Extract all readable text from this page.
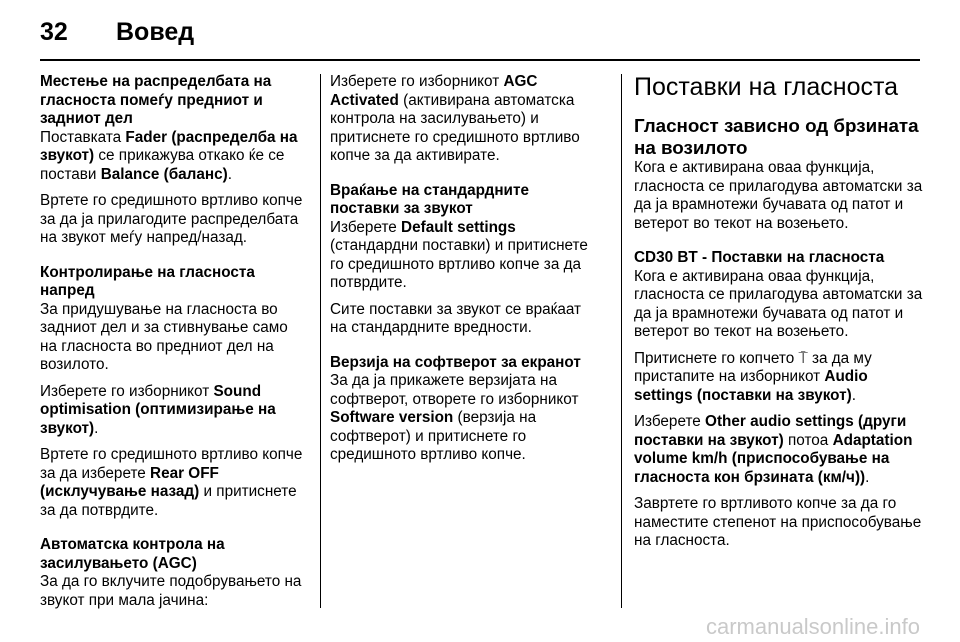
32 Вовед
Местење на распределбата на гласноста помеѓу предниот и задниот дел

Поставката Fader (распределба на звукот) се прикажува откако ќе се постави Balance (баланс).

Вртете го средишното вртливо копче за да ја прилагодите распределбата на звукот меѓу напред/назад.

Контролирање на гласноста напред

За придушување на гласноста во задниот дел и за стивнување само на гласноста во предниот дел на возилото.

Изберете го изборникот Sound optimisation (оптимизирање на звукот).

Вртете го средишното вртливо копче за да изберете Rear OFF (исклучување назад) и притиснете за да потврдите.

Автоматска контрола на засилувањето (AGC)

За да го вклучите подобрувањето на звукот при мала јачина:

Изберете го изборникот AGC Activated (активирана автоматска контрола на засилувањето) и притиснете го средишното вртливо копче за да активирате.

Враќање на стандардните поставки за звукот

Изберете Default settings (стандардни поставки) и притиснете го средишното вртливо копче за да потврдите.

Сите поставки за звукот се враќаат на стандардните вредности.

Верзија на софтверот за екранот

За да ја прикажете верзијата на софтверот, отворете го изборникот Software version (верзија на софтверот) и притиснете го средишното вртливо копче.

Поставки на гласноста
Гласност зависно од брзината на возилото

Кога е активирана оваа функција, гласноста се прилагодува автоматски за да ја врамнотежи бучавата од патот и ветерот во текот на возењето.

CD30 BT - Поставки на гласноста

Кога е активирана оваа функција, гласноста се прилагодува автоматски за да ја врамнотежи бучавата од патот и ветерот во текот на возењето.

Притиснете го копчето ⍑ за да му пристапите на изборникот Audio settings (поставки на звукот).

Изберете Other audio settings (други поставки на звукот) потоа Adaptation volume km/h (приспособување на гласноста кон брзината (км/ч)).

Завртете го вртливото копче за да го наместите степенот на приспособување на гласноста.

carmanualsonline.info
